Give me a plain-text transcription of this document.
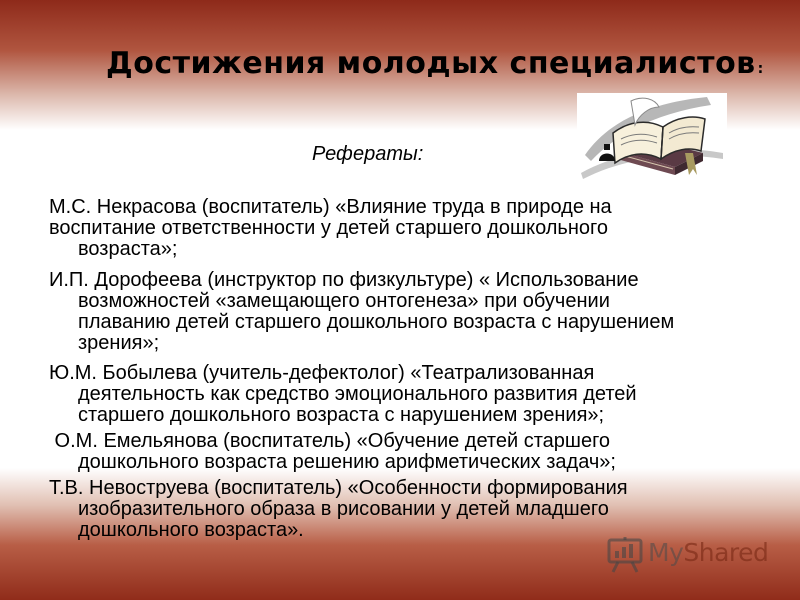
Достижения молодых специалистов :
Рефераты:
М.С. Некрасова (воспитатель) «Влияние труда в природе на
воспитание ответственности у детей старшего дошкольного
возраста»;
И.П. Дорофеева (инструктор по физкультуре) « Использование
возможностей «замещающего онтогенеза» при обучении
плаванию детей старшего дошкольного возраста с нарушением
зрения»;
Ю.М. Бобылева (учитель-дефектолог) «Театрализованная
деятельность как средство эмоционального развития детей
старшего дошкольного возраста с нарушением зрения»;
О.М. Емельянова (воспитатель) «Обучение детей старшего
дошкольного возраста решению арифметических задач»;
Т.В. Невоструева (воспитатель) «Особенности формирования
изобразительного образа в рисовании у детей младшего
дошкольного возраста».
MyShared
